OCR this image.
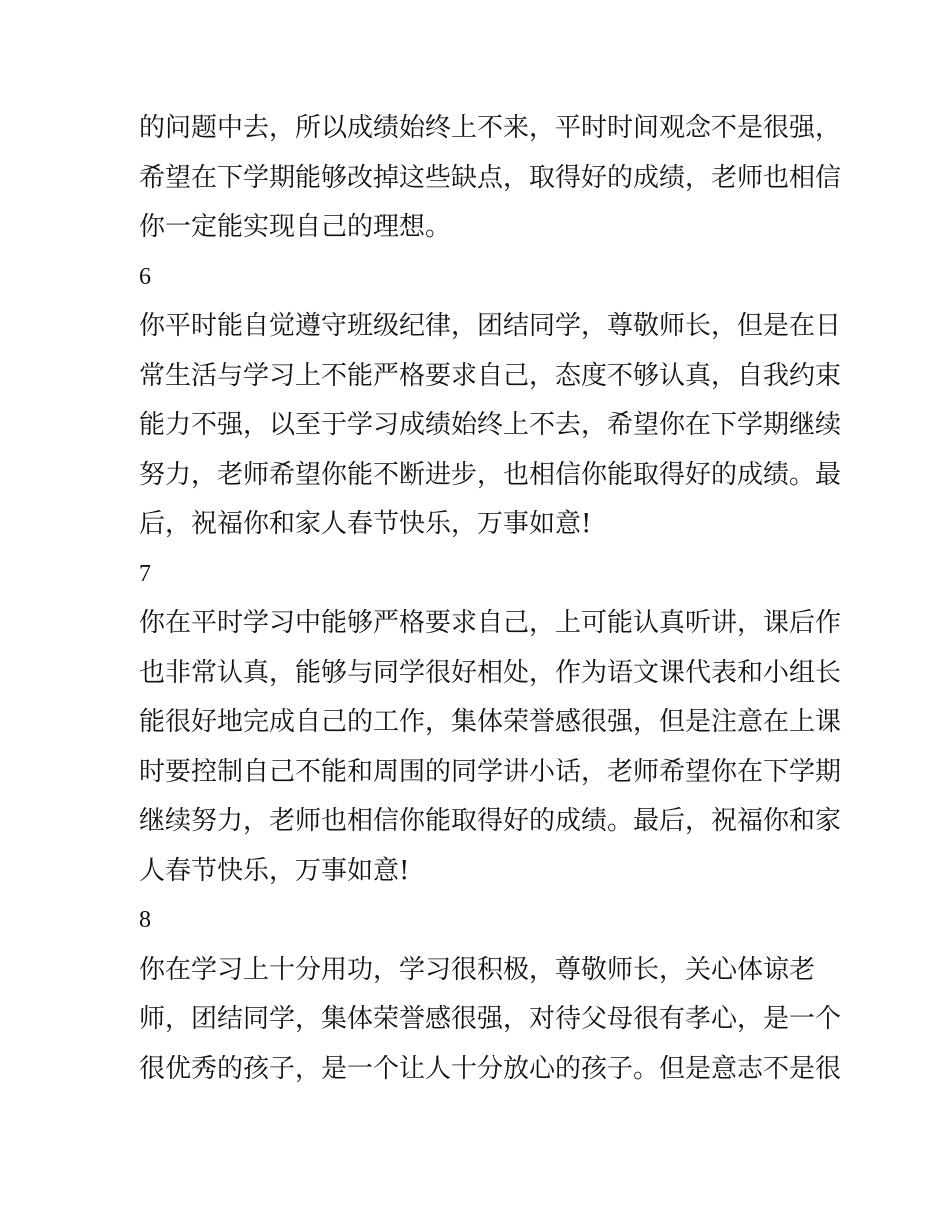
的问题中去，所以成绩始终上不来，平时时间观念不是很强，
希望在下学期能够改掉这些缺点，取得好的成绩，老师也相信
你一定能实现自己的理想。

6

你平时能自觉遵守班级纪律，团结同学，尊敬师长，但是在日
常生活与学习上不能严格要求自己，态度不够认真，自我约束
能力不强，以至于学习成绩始终上不去，希望你在下学期继续
努力，老师希望你能不断进步，也相信你能取得好的成绩。最
后，祝福你和家人春节快乐，万事如意!

7

你在平时学习中能够严格要求自己，上可能认真听讲，课后作
也非常认真，能够与同学很好相处，作为语文课代表和小组长
能很好地完成自己的工作，集体荣誉感很强，但是注意在上课
时要控制自己不能和周围的同学讲小话，老师希望你在下学期
继续努力，老师也相信你能取得好的成绩。最后，祝福你和家
人春节快乐，万事如意!

8

你在学习上十分用功，学习很积极，尊敬师长，关心体谅老
师，团结同学，集体荣誉感很强，对待父母很有孝心，是一个
很优秀的孩子，是一个让人十分放心的孩子。但是意志不是很
